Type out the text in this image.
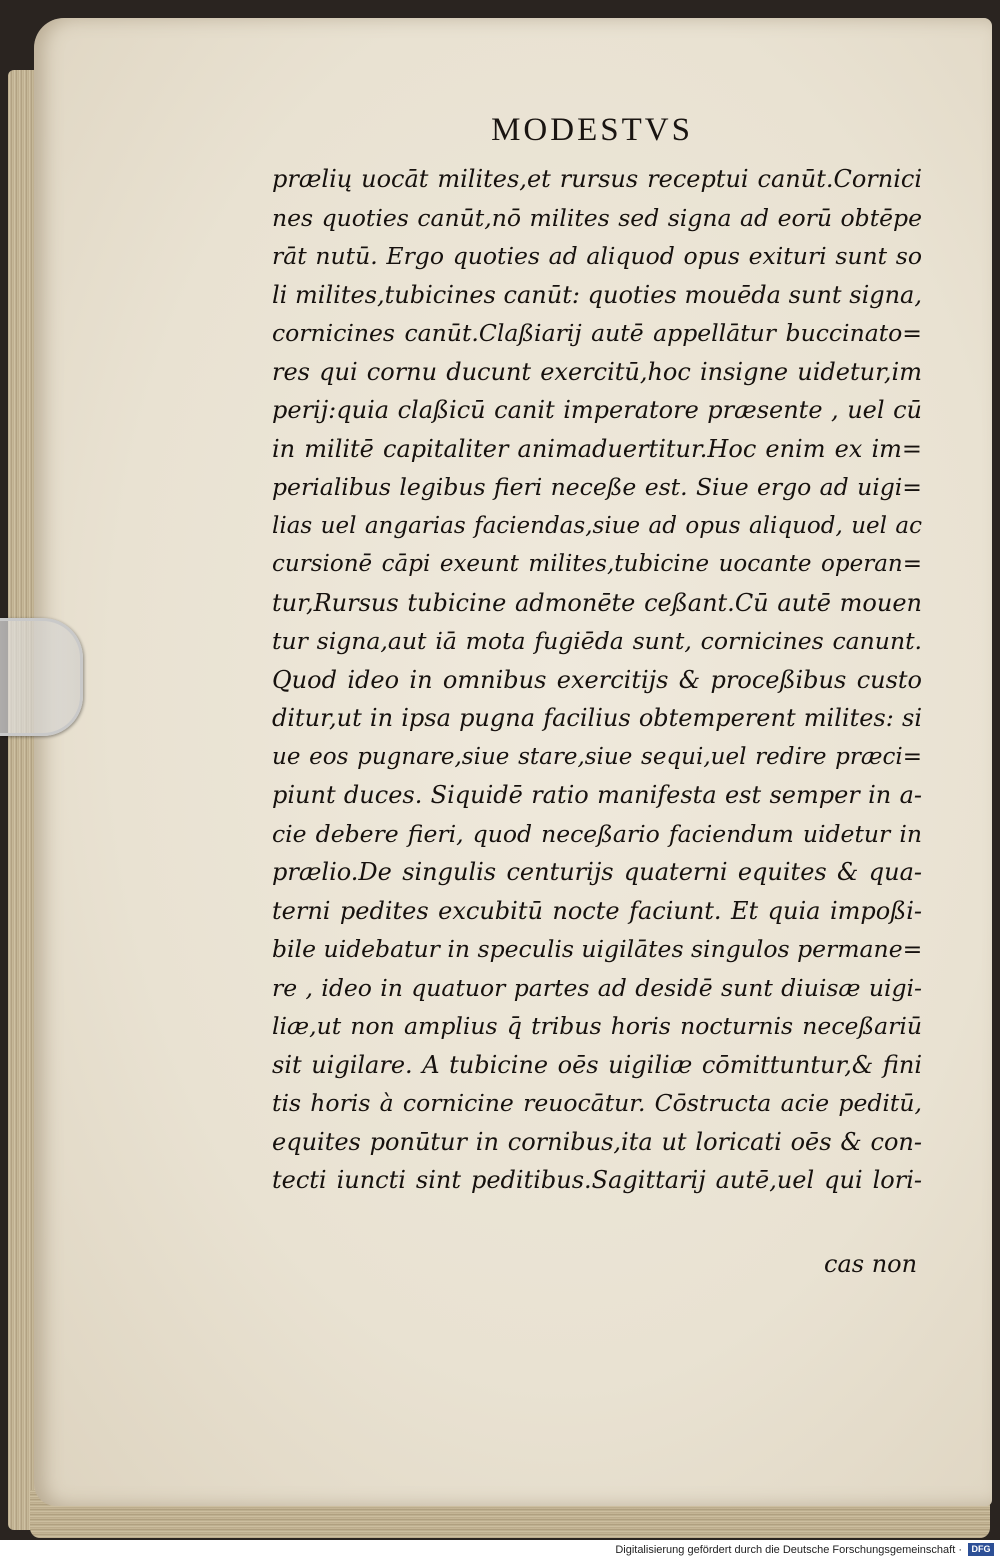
MODESTVS
prælių uocāt milites,et rursus receptui canūt.Cornici
nes quoties canūt,nō milites sed signa ad eorū obtēpe
rāt nutū. Ergo quoties ad aliquod opus exituri sunt so
li milites,tubicines canūt: quoties mouēda sunt signa,
cornicines canūt.Claßiarij autē appellātur buccinato=
res qui cornu ducunt exercitū,hoc insigne uidetur,im
perij:quia claßicū canit imperatore præsente , uel cū
in militē capitaliter animaduertitur.Hoc enim ex im=
perialibus legibus fieri neceße est. Siue ergo ad uigi=
lias uel angarias faciendas,siue ad opus aliquod, uel ac
cursionē cāpi exeunt milites,tubicine uocante operan=
tur,Rursus tubicine admonēte ceßant.Cū autē mouen
tur signa,aut iā mota fugiēda sunt, cornicines canunt.
Quod ideo in omnibus exercitijs & proceßibus custo
ditur,ut in ipsa pugna facilius obtemperent milites: si
ue eos pugnare,siue stare,siue sequi,uel redire præci=
piunt duces. Siquidē ratio manifesta est semper in a-
cie debere fieri, quod neceßario faciendum uidetur in
prælio.De singulis centurijs quaterni equites & qua-
terni pedites excubitū nocte faciunt. Et quia impoßi-
bile uidebatur in speculis uigilātes singulos permane=
re , ideo in quatuor partes ad desidē sunt diuisæ uigi-
liæ,ut non amplius q̄ tribus horis nocturnis neceßariū
sit uigilare. A tubicine oēs uigiliæ cōmittuntur,& fini
tis horis à cornicine reuocātur. Cōstructa acie peditū,
equites ponūtur in cornibus,ita ut loricati oēs & con-
tecti iuncti sint peditibus.Sagittarij autē,uel qui lori-
cas non
Digitalisierung gefördert durch die Deutsche Forschungsgemeinschaft ·	DFG
